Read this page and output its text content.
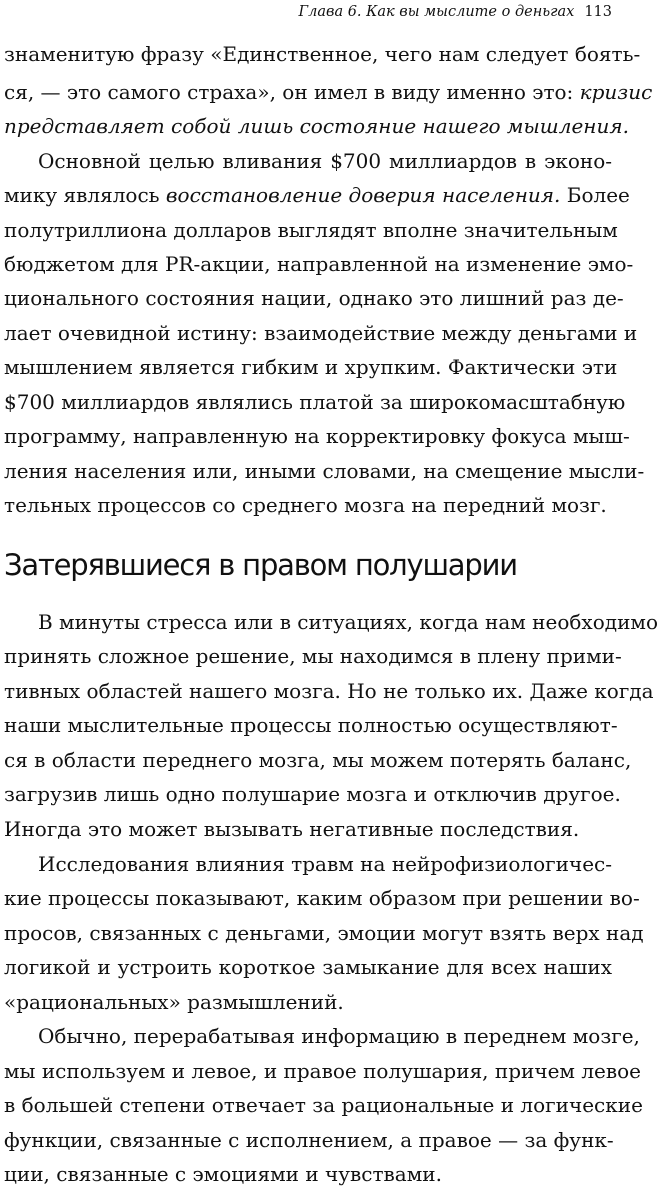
Глава 6. Как вы мыслите о деньгах 113
знаменитую фразу «Единственное, чего нам следует боять-
ся, — это самого страха», он имел в виду именно это: кризис
представляет собой лишь состояние нашего мышления.
Основной целью вливания $700 миллиардов в эконо-
мику являлось восстановление доверия населения. Более
полутриллиона долларов выглядят вполне значительным
бюджетом для PR-акции, направленной на изменение эмо-
ционального состояния нации, однако это лишний раз де-
лает очевидной истину: взаимодействие между деньгами и
мышлением является гибким и хрупким. Фактически эти
$700 миллиардов являлись платой за широкомасштабную
программу, направленную на корректировку фокуса мыш-
ления населения или, иными словами, на смещение мысли-
тельных процессов со среднего мозга на передний мозг.
Затерявшиеся в правом полушарии
В минуты стресса или в ситуациях, когда нам необходимо
принять сложное решение, мы находимся в плену прими-
тивных областей нашего мозга. Но не только их. Даже когда
наши мыслительные процессы полностью осуществляют-
ся в области переднего мозга, мы можем потерять баланс,
загрузив лишь одно полушарие мозга и отключив другое.
Иногда это может вызывать негативные последствия.
Исследования влияния травм на нейрофизиологичес-
кие процессы показывают, каким образом при решении во-
просов, связанных с деньгами, эмоции могут взять верх над
логикой и устроить короткое замыкание для всех наших
«рациональных» размышлений.
Обычно, перерабатывая информацию в переднем мозге,
мы используем и левое, и правое полушария, причем левое
в большей степени отвечает за рациональные и логические
функции, связанные с исполнением, а правое — за функ-
ции, связанные с эмоциями и чувствами.
